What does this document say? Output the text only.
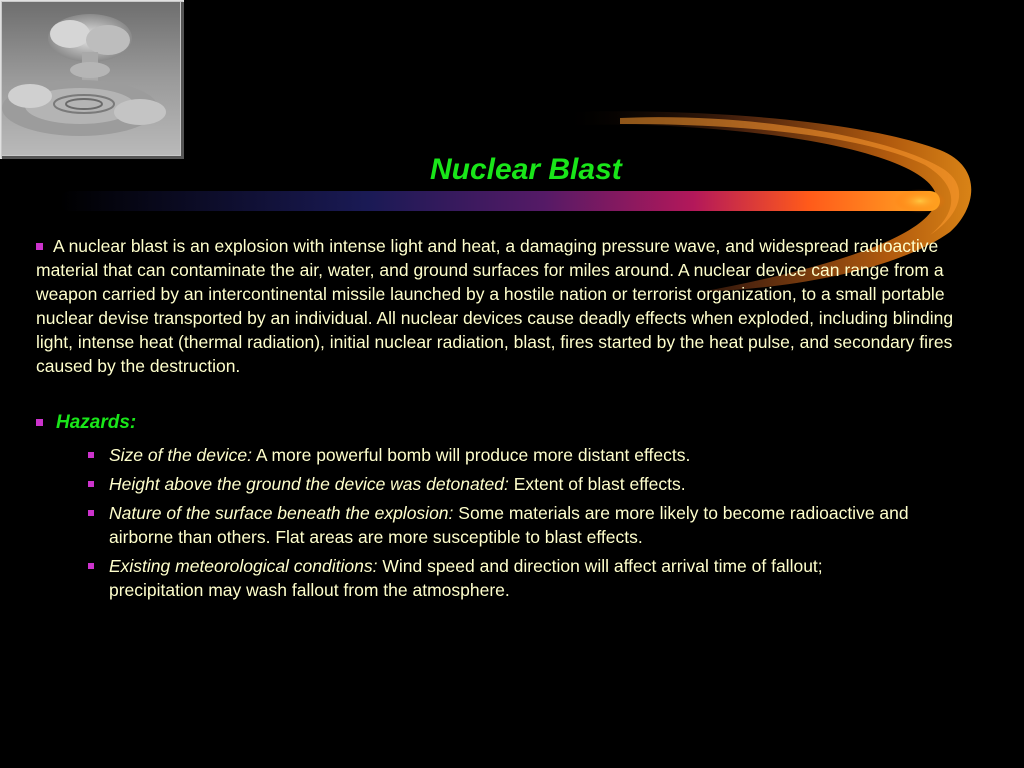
Nuclear Blast
A nuclear blast is an explosion with intense light and heat, a damaging pressure wave, and widespread radioactive material that can contaminate the air, water, and ground surfaces for miles around. A nuclear device can range from a weapon carried by an intercontinental missile launched by a hostile nation or terrorist organization, to a small portable nuclear devise transported by an individual. All nuclear devices cause deadly effects when exploded, including blinding light, intense heat (thermal radiation), initial nuclear radiation, blast, fires started by the heat pulse, and secondary fires caused by the destruction.
Hazards:
Size of the device: A more powerful bomb will produce more distant effects.
Height above the ground the device was detonated: Extent of blast effects.
Nature of the surface beneath the explosion: Some materials are more likely to become radioactive and airborne than others. Flat areas are more susceptible to blast effects.
Existing meteorological conditions: Wind speed and direction will affect arrival time of fallout; precipitation may wash fallout from the atmosphere.
